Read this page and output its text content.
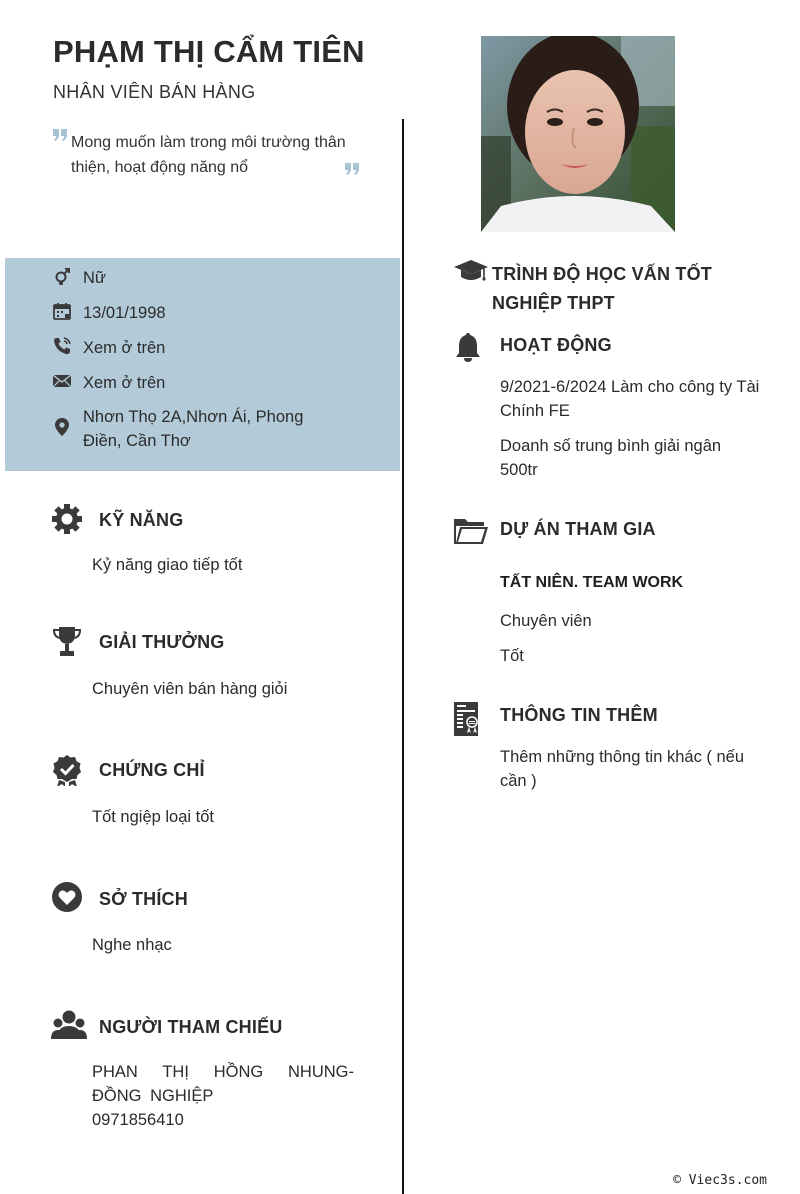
PHẠM THỊ CẨM TIÊN
NHÂN VIÊN BÁN HÀNG
Mong muốn làm trong môi trường thân thiện, hoạt động năng nổ
Nữ
13/01/1998
Xem ở trên
Xem ở trên
Nhơn Thọ 2A,Nhơn Ái, Phong Điền, Cần Thơ
KỸ NĂNG
Kỷ năng giao tiếp tốt
GIẢI THƯỞNG
Chuyên viên bán hàng giỏi
CHỨNG CHỈ
Tốt ngiệp loại tốt
SỞ THÍCH
Nghe nhạc
NGƯỜI THAM CHIẾU
PHAN THỊ HỒNG NHUNG-ĐỒNG NGHIỆP
0971856410
TRÌNH ĐỘ HỌC VẤN TỐT NGHIỆP THPT
HOẠT ĐỘNG
9/2021-6/2024 Làm cho công ty Tài Chính FE
Doanh số trung bình giải ngân  500tr
DỰ ÁN THAM GIA
TẤT NIÊN. TEAM WORK
Chuyên viên
Tốt
THÔNG TIN THÊM
Thêm những thông tin khác ( nếu cần )
© Viec3s.com
